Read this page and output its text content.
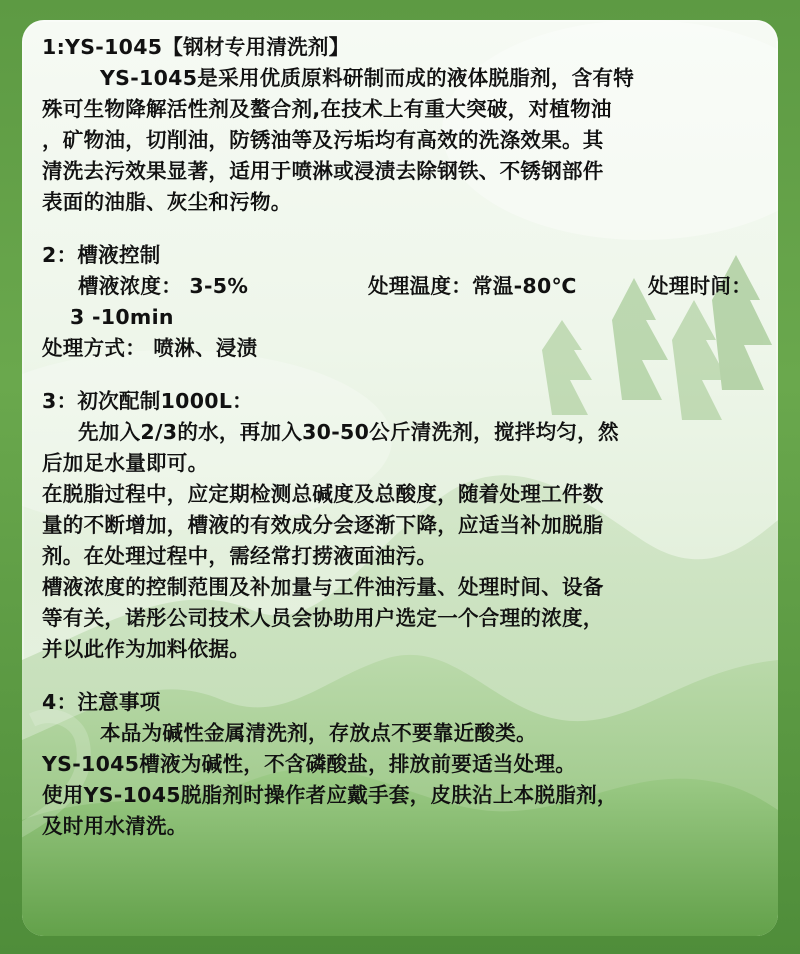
1:YS-1045【钢材专用清洗剂】
YS-1045是采用优质原料研制而成的液体脱脂剂，含有特
殊可生物降解活性剂及螯合剂,在技术上有重大突破，对植物油
，矿物油，切削油，防锈油等及污垢均有高效的洗涤效果。其
清洗去污效果显著，适用于喷淋或浸渍去除钢铁、不锈钢部件
表面的油脂、灰尘和污物。
2：槽液控制
槽液浓度： 3-5%	处理温度：常温-80℃	处理时间：
3 -10min
处理方式： 喷淋、浸渍
3：初次配制1000L：
先加入2/3的水，再加入30-50公斤清洗剂，搅拌均匀，然
后加足水量即可。
在脱脂过程中，应定期检测总碱度及总酸度，随着处理工件数
量的不断增加，槽液的有效成分会逐渐下降，应适当补加脱脂
剂。在处理过程中，需经常打捞液面油污。
槽液浓度的控制范围及补加量与工件油污量、处理时间、设备
等有关，诺彤公司技术人员会协助用户选定一个合理的浓度，
并以此作为加料依据。
4：注意事项
本品为碱性金属清洗剂，存放点不要靠近酸类。
YS-1045槽液为碱性，不含磷酸盐，排放前要适当处理。
使用YS-1045脱脂剂时操作者应戴手套，皮肤沾上本脱脂剂，
及时用水清洗。
